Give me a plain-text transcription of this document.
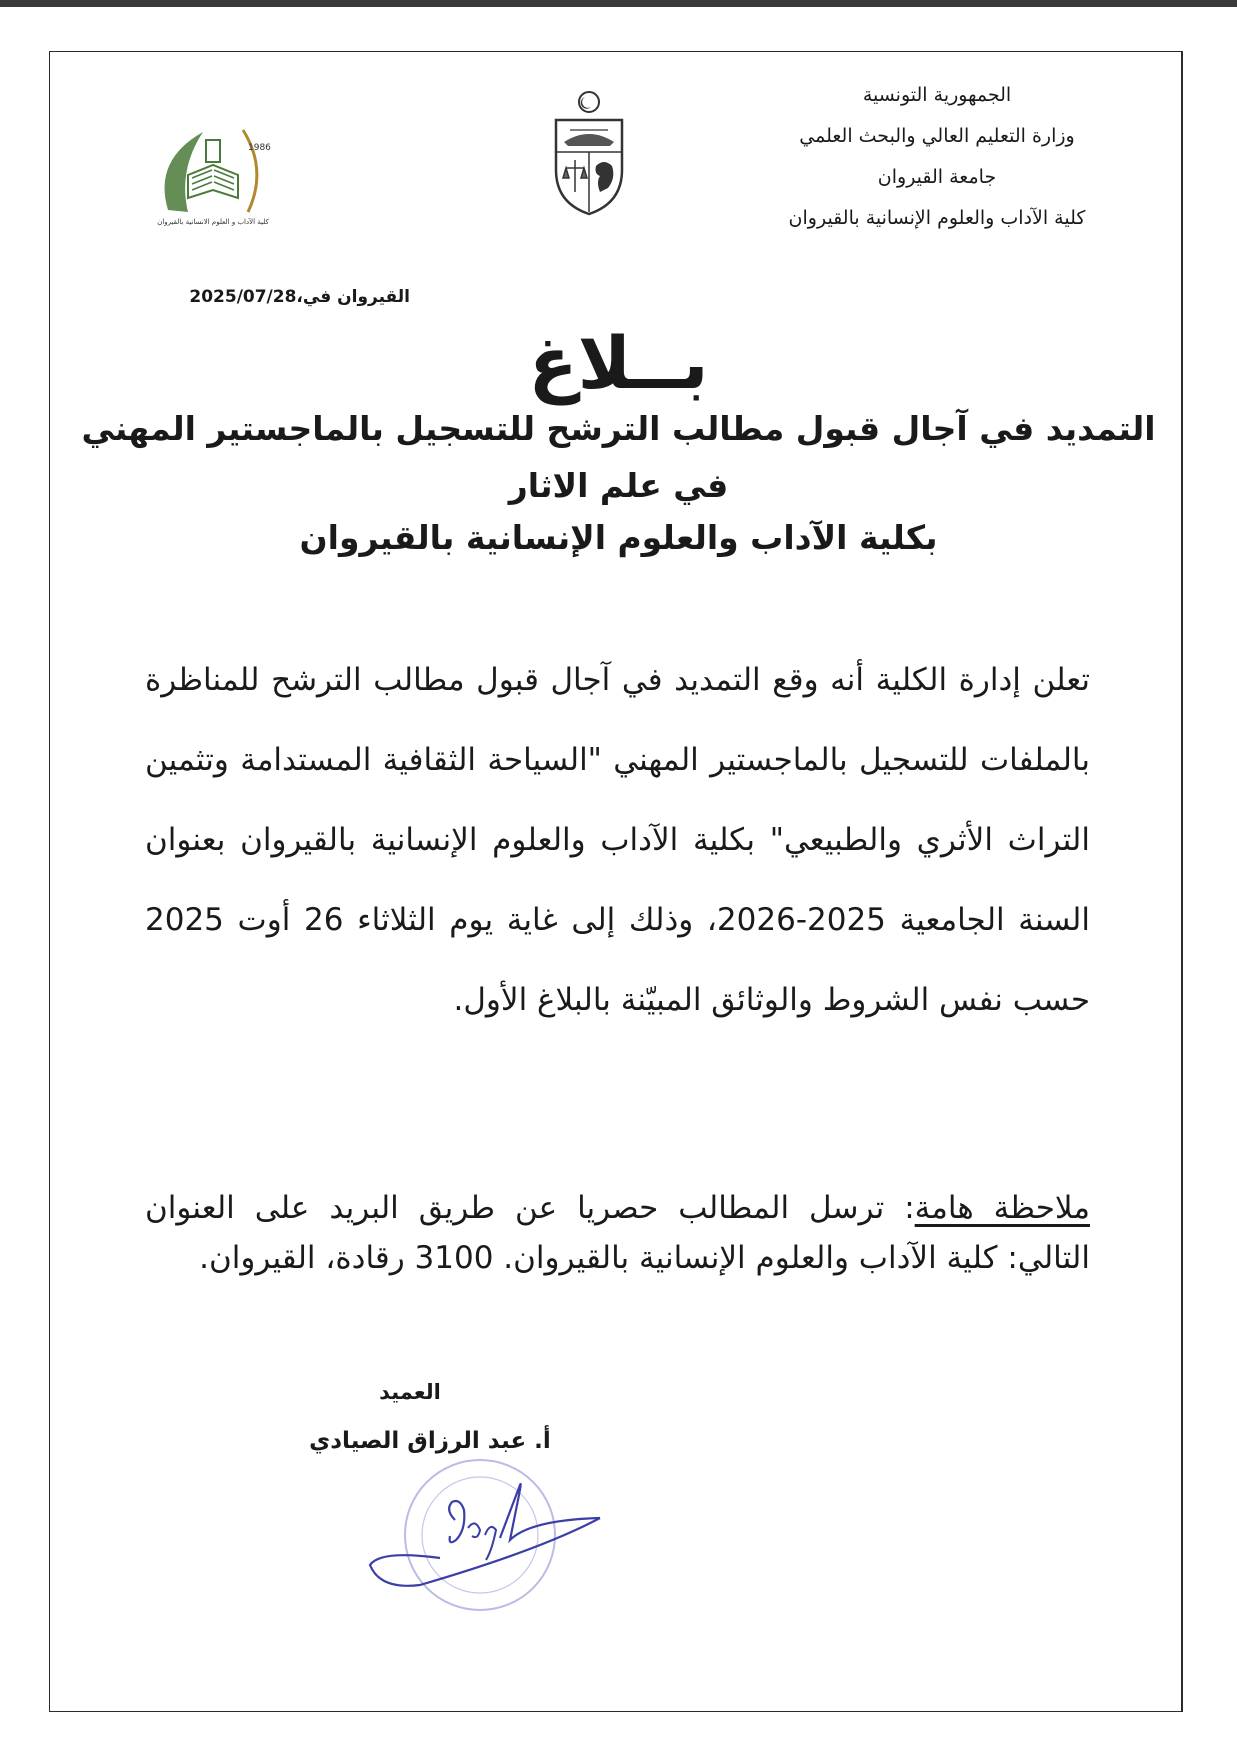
الجمهورية التونسية
وزارة التعليم العالي والبحث العلمي
جامعة القيروان
كلية الآداب والعلوم الإنسانية بالقيروان
1986
كلية الآداب و العلوم الانسانية بالقيروان
القيروان في،2025/07/28
بــلاغ
التمديد في آجال قبول مطالب الترشح للتسجيل بالماجستير المهني
في علم الاثار
بكلية الآداب والعلوم الإنسانية بالقيروان
تعلن إدارة الكلية أنه وقع التمديد في آجال قبول مطالب الترشح للمناظرة بالملفات للتسجيل بالماجستير المهني "السياحة الثقافية المستدامة وتثمين التراث الأثري والطبيعي" بكلية الآداب والعلوم الإنسانية بالقيروان بعنوان السنة الجامعية 2025-2026، وذلك إلى غاية يوم الثلاثاء 26 أوت 2025 حسب نفس الشروط والوثائق المبيّنة بالبلاغ الأول.
ملاحظة هامة: ترسل المطالب حصريا عن طريق البريد على العنوان التالي: كلية الآداب والعلوم الإنسانية بالقيروان. 3100 رقادة، القيروان.
العميد
أ. عبد الرزاق الصيادي
